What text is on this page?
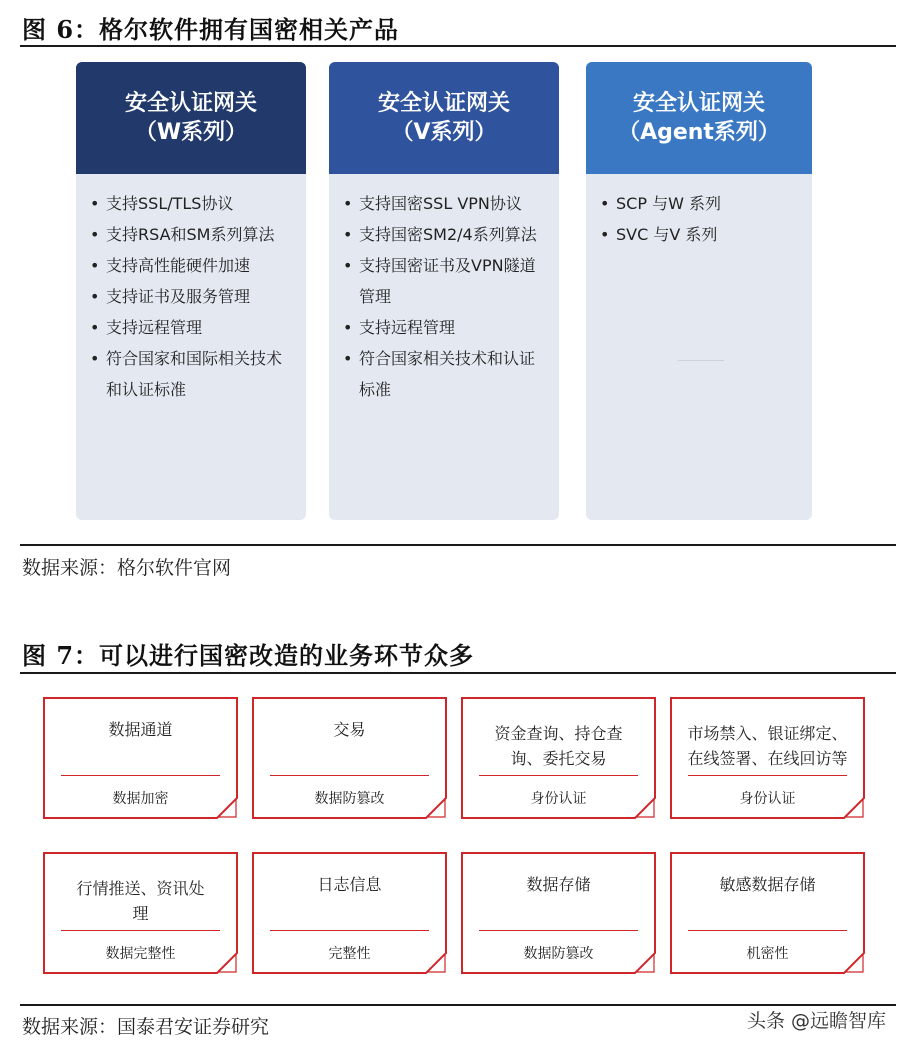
图 6：格尔软件拥有国密相关产品
安全认证网关
（W系列）
• 支持SSL/TLS协议
• 支持RSA和SM系列算法
• 支持高性能硬件加速
• 支持证书及服务管理
• 支持远程管理
• 符合国家和国际相关技术和认证标准
安全认证网关
（V系列）
• 支持国密SSL VPN协议
• 支持国密SM2/4系列算法
• 支持国密证书及VPN隧道管理
• 支持远程管理
• 符合国家相关技术和认证标准
安全认证网关
（Agent系列）
• SCP 与W 系列
• SVC 与V 系列
数据来源：格尔软件官网
图 7：可以进行国密改造的业务环节众多
数据通道
数据加密
交易
数据防篡改
资金查询、持仓查询、委托交易
身份认证
市场禁入、银证绑定、在线签署、在线回访等
身份认证
行情推送、资讯处理
数据完整性
日志信息
完整性
数据存储
数据防篡改
敏感数据存储
机密性
数据来源：国泰君安证券研究	头条 @远瞻智库
